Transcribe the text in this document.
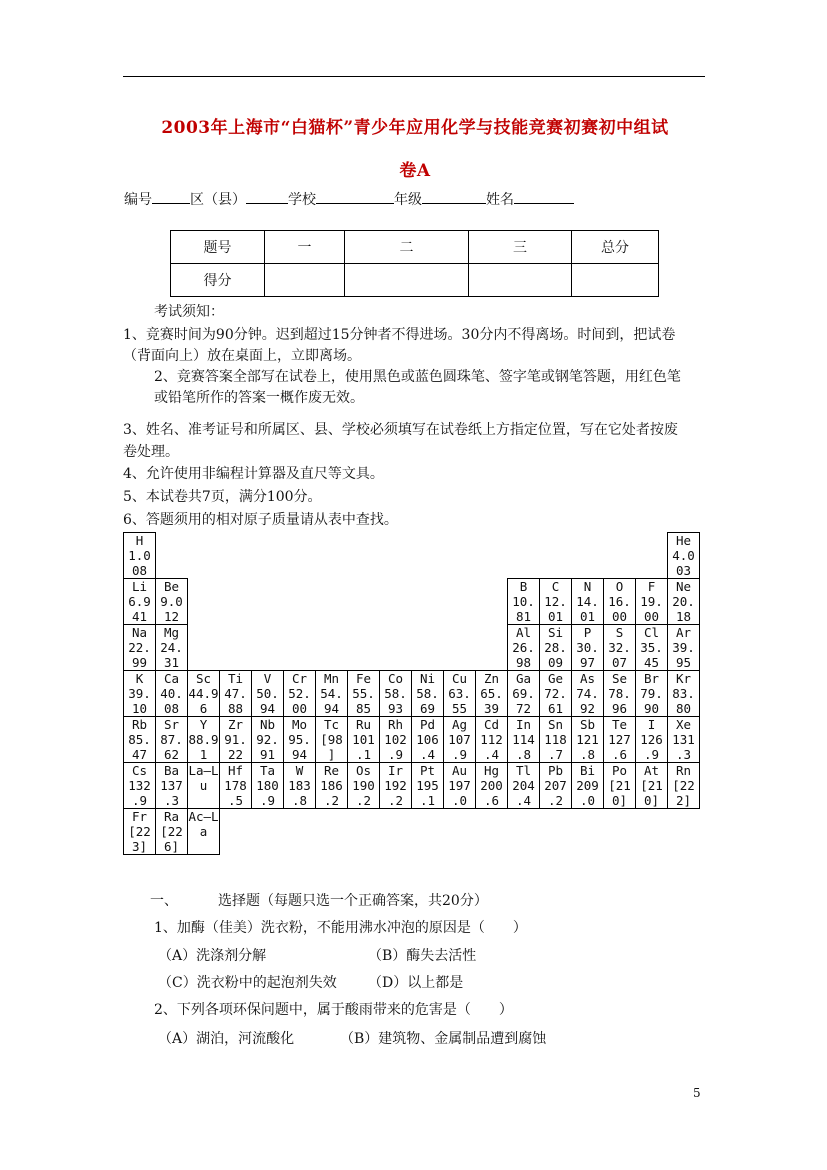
2003年上海市“白猫杯”青少年应用化学与技能竞赛初赛初中组试
卷A
编号	区（县）	学校	年级	姓名
题号	一	二	三	总分
得分				
考试须知：
1、竞赛时间为90分钟。迟到超过15分钟者不得进场。30分内不得离场。时间到，把试卷
（背面向上）放在桌面上，立即离场。
2、竞赛答案全部写在试卷上，使用黑色或蓝色圆珠笔、签字笔或钢笔答题，用红色笔
或铅笔所作的答案一概作废无效。
3、姓名、准考证号和所属区、县、学校必须填写在试卷纸上方指定位置，写在它处者按废
卷处理。
4、允许使用非编程计算器及直尺等文具。
5、本试卷共7页，满分100分。
6、答题须用的相对原子质量请从表中查找。
H
1.0
08																	He
4.0
03

Li
6.9
41	Be
9.0
12											B
10.
81	C
12.
01	N
14.
01	O
16.
00	F
19.
00	Ne
20.
18

Na
22.
99	Mg
24.
31											Al
26.
98	Si
28.
09	P
30.
97	S
32.
07	Cl
35.
45	Ar
39.
95

K
39.
10	Ca
40.
08	Sc
44.9
6	Ti
47.
88	V
50.
94	Cr
52.
00	Mn
54.
94	Fe
55.
85	Co
58.
93	Ni
58.
69	Cu
63.
55	Zn
65.
39	Ga
69.
72	Ge
72.
61	As
74.
92	Se
78.
96	Br
79.
90	Kr
83.
80

Rb
85.
47	Sr
87.
62	Y
88.9
1	Zr
91.
22	Nb
92.
91	Mo
95.
94	Tc
[98
]	Ru
101
.1	Rh
102
.9	Pd
106
.4	Ag
107
.9	Cd
112
.4	In
114
.8	Sn
118
.7	Sb
121
.8	Te
127
.6	I
126
.9	Xe
131
.3

Cs
132
.9	Ba
137
.3	La–L
u	Hf
178
.5	Ta
180
.9	W
183
.8	Re
186
.2	Os
190
.2	Ir
192
.2	Pt
195
.1	Au
197
.0	Hg
200
.6	Tl
204
.4	Pb
207
.2	Bi
209
.0	Po
[21
0]	At
[21
0]	Rn
[22
2]

Fr
[22
3]	Ra
[22
6]	Ac–L
a															
一、	选择题（每题只选一个正确答案，共20分）
1、加酶（佳美）洗衣粉，不能用沸水冲泡的原因是（　　）
（A）洗涤剂分解	（B）酶失去活性
（C）洗衣粉中的起泡剂失效 （D）以上都是
2、下列各项环保问题中，属于酸雨带来的危害是（　　）
（A）湖泊，河流酸化	（B）建筑物、金属制品遭到腐蚀
5
